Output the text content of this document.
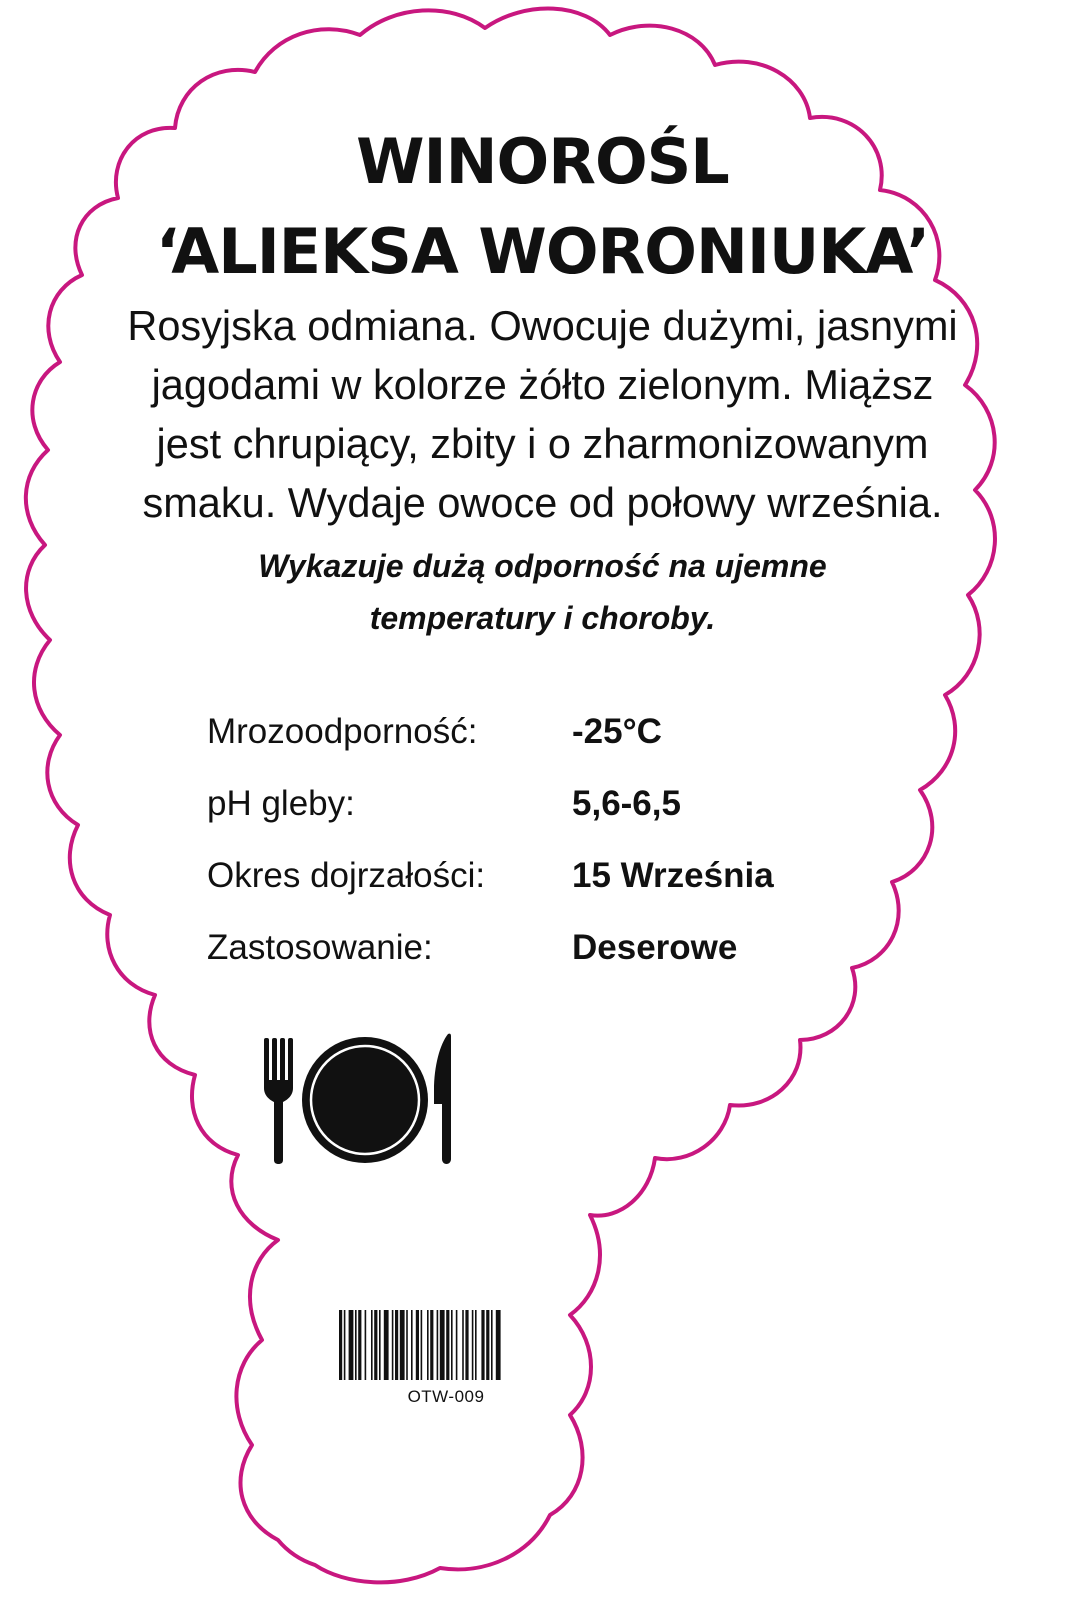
WINOROŚL
‘ALIEKSA WORONIUKA’

Rosyjska odmiana. Owocuje dużymi, jasnymi
jagodami w kolorze żółto zielonym. Miąższ
jest chrupiący, zbity i o zharmonizowanym
smaku. Wydaje owoce od połowy września.

Wykazuje dużą odporność na ujemne
temperatury i choroby.

Mrozoodporność:	-25°C
pH gleby:	5,6-6,5
Okres dojrzałości: 15 Września
Zastosowanie:	Deserowe
OTW-009
